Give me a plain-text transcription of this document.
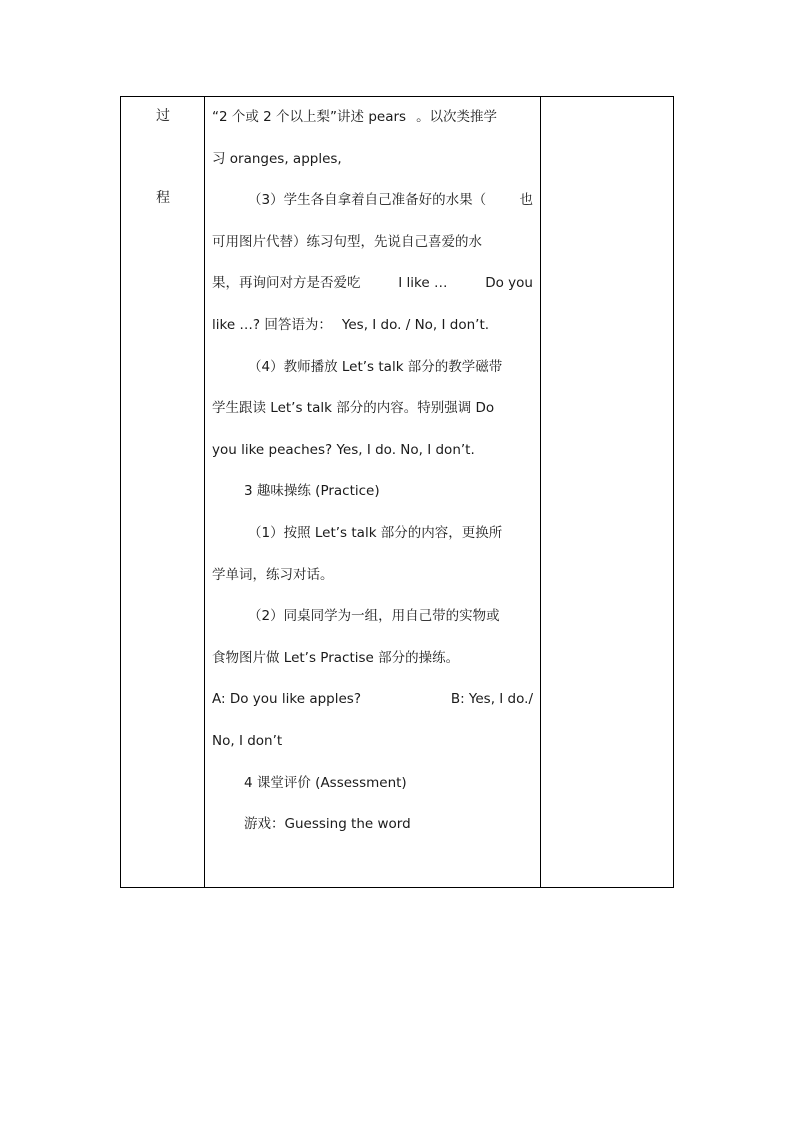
过
程

“2 个或 2 个以上梨”讲述 pears 。以次类推学
习 oranges, apples,
（3）学生各自拿着自己准备好的水果（ 也
可用图片代替）练习句型，先说自己喜爱的水
果，再询问对方是否爱吃	I like …	Do you
like …? 回答语为： Yes, I do. / No, I don’t.
（4）教师播放 Let’s talk 部分的教学磁带
学生跟读 Let’s talk 部分的内容。特别强调 Do
you like peaches? Yes, I do. No, I don’t.
3 趣味操练 (Practice)
（1）按照 Let’s talk 部分的内容，更换所
学单词，练习对话。
（2）同桌同学为一组，用自己带的实物或
食物图片做 Let’s Practise 部分的操练。
A: Do you like apples?	B: Yes, I do./
No, I don’t
4 课堂评价 (Assessment)
游戏：Guessing the word
